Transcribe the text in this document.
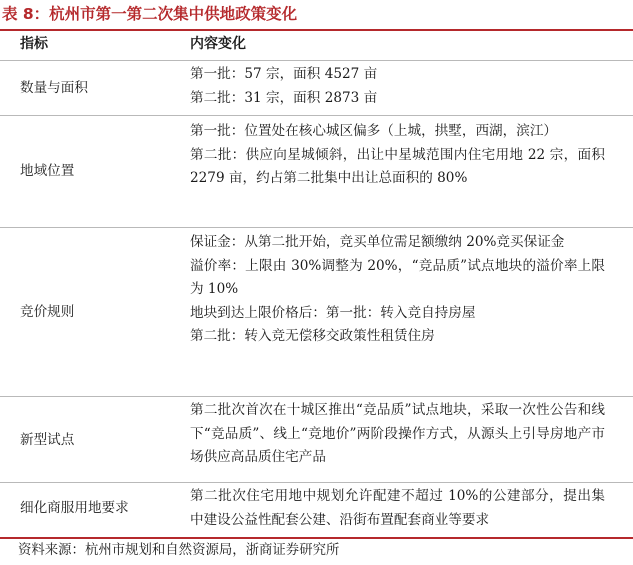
表 8：杭州市第一第二次集中供地政策变化
指标	内容变化
数量与面积

第一批：57 宗，面积 4527 亩

第二批：31 宗，面积 2873 亩

地域位置

第一批：位置处在核心城区偏多（上城，拱墅，西湖，滨江）

第二批：供应向星城倾斜，出让中星城范围内住宅用地 22 宗，面积 2279 亩，约占第二批集中出让总面积的 80%

竞价规则

保证金：从第二批开始，竞买单位需足额缴纳 20%竞买保证金

溢价率：上限由 30%调整为 20%，“竞品质”试点地块的溢价率上限为 10%

地块到达上限价格后：第一批：转入竞自持房屋

第二批：转入竞无偿移交政策性租赁住房

新型试点

第二批次首次在十城区推出“竞品质”试点地块，采取一次性公告和线下“竞品质”、线上“竞地价”两阶段操作方式，从源头上引导房地产市场供应高品质住宅产品

细化商服用地要求

第二批次住宅用地中规划允许配建不超过 10%的公建部分，提出集中建设公益性配套公建、沿街布置配套商业等要求

资料来源：杭州市规划和自然资源局，浙商证券研究所
